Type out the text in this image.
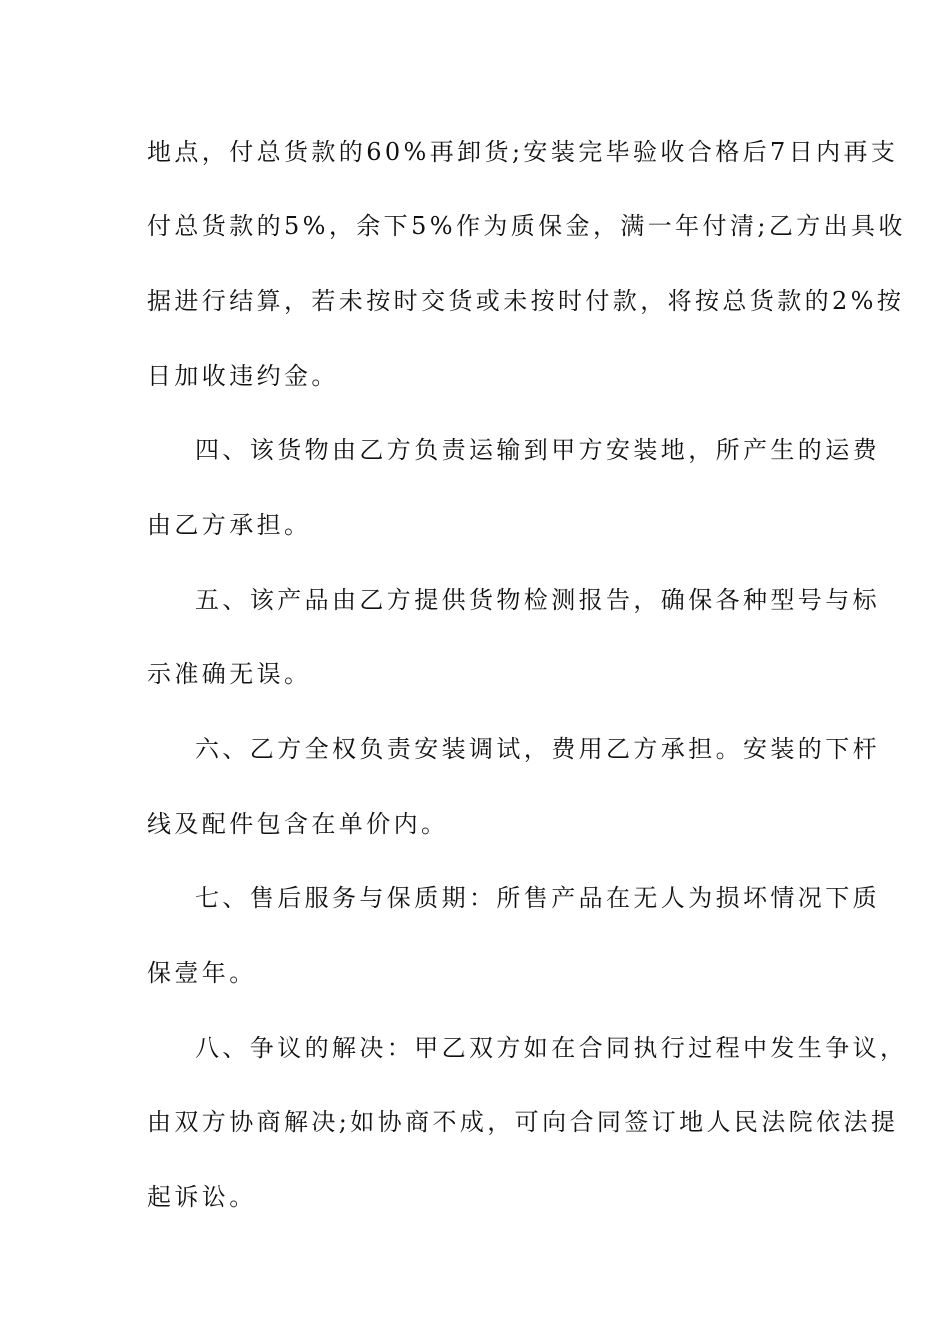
地点，付总货款的60%再卸货;安装完毕验收合格后7日内再支
付总货款的5%，余下5%作为质保金，满一年付清;乙方出具收
据进行结算，若未按时交货或未按时付款，将按总货款的2%按
日加收违约金。
四、该货物由乙方负责运输到甲方安装地，所产生的运费
由乙方承担。
五、该产品由乙方提供货物检测报告，确保各种型号与标
示准确无误。
六、乙方全权负责安装调试，费用乙方承担。安装的下杆
线及配件包含在单价内。
七、售后服务与保质期：所售产品在无人为损坏情况下质
保壹年。
八、争议的解决：甲乙双方如在合同执行过程中发生争议，
由双方协商解决;如协商不成，可向合同签订地人民法院依法提
起诉讼。
